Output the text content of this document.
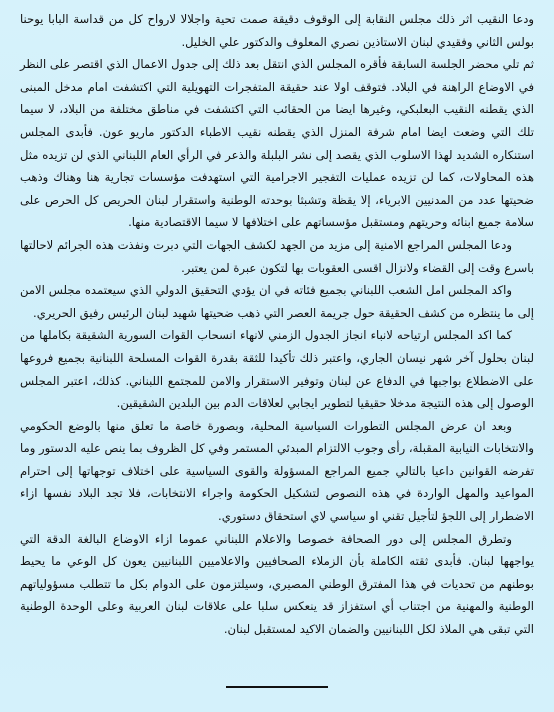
ودعا النقيب اثر ذلك مجلس النقابة إلى الوقوف دقيقة صمت تحية واجلالا لارواح كل من قداسة البابا يوحنا بولس الثاني وفقيدي لبنان الاستاذين نصري المعلوف والدكتور علي الخليل.

ثم تلي محضر الجلسة السابقة فأقره المجلس الذي انتقل بعد ذلك إلى جدول الاعمال الذي اقتصر على النظر في الاوضاع الراهنة في البلاد. فتوقف اولا عند حقيقة المتفجرات التهويلية التي اكتشفت امام مدخل المبنى الذي يقطنه النقيب البعلبكي، وغيرها ايضا من الحقائب التي اكتشفت في مناطق مختلفة من البلاد، لا سيما تلك التي وضعت ايضا امام شرفة المنزل الذي يقطنه نقيب الاطباء الدكتور ماريو عون. فأبدى المجلس استنكاره الشديد لهذا الاسلوب الذي يقصد إلى نشر البلبلة والذعر في الرأي العام اللبناني الذي لن تزيده مثل هذه المحاولات، كما لن تزيده عمليات التفجير الاجرامية التي استهدفت مؤسسات تجارية هنا وهناك وذهب ضحيتها عدد من المدنيين الابرياء، إلا يقظة وتشبثا بوحدته الوطنية واستقرار لبنان الحريص كل الحرص على سلامة جميع ابنائه وحريتهم ومستقبل مؤسساتهم على اختلافها لا سيما الاقتصادية منها.

ودعا المجلس المراجع الامنية إلى مزيد من الجهد لكشف الجهات التي دبرت ونفذت هذه الجرائم لاحالتها باسرع وقت إلى القضاء ولانزال اقسى العقوبات بها لتكون عبرة لمن يعتبر.

واكد المجلس امل الشعب اللبناني بجميع فئاته في ان يؤدي التحقيق الدولي الذي سيعتمده مجلس الامن إلى ما ينتظره من كشف الحقيقة حول جريمة العصر التي ذهب ضحيتها شهيد لبنان الرئيس رفيق الحريري.

كما اكد المجلس ارتياحه لانباء انجاز الجدول الزمني لانهاء انسحاب القوات السورية الشقيقة بكاملها من لبنان بحلول آخر شهر نيسان الجاري، واعتبر ذلك تأكيدا للثقة بقدرة القوات المسلحة اللبنانية بجميع فروعها على الاضطلاع بواجبها في الدفاع عن لبنان وتوفير الاستقرار والامن للمجتمع اللبناني. كذلك، اعتبر المجلس الوصول إلى هذه النتيجة مدخلا حقيقيا لتطوير ايجابي لعلاقات الدم بين البلدين الشقيقين.

وبعد ان عرض المجلس التطورات السياسية المحلية، وبصورة خاصة ما تعلق منها بالوضع الحكومي والانتخابات النيابية المقبلة، رأى وجوب الالتزام المبدئي المستمر وفي كل الظروف بما ينص عليه الدستور وما تفرضه القوانين داعيا بالتالي جميع المراجع المسؤولة والقوى السياسية على اختلاف توجهاتها إلى احترام المواعيد والمهل الواردة في هذه النصوص لتشكيل الحكومة واجراء الانتخابات، فلا تجد البلاد نفسها ازاء الاضطرار إلى اللجؤ لتأجيل تقني او سياسي لاي استحقاق دستوري.

وتطرق المجلس إلى دور الصحافة خصوصا والاعلام اللبناني عموما ازاء الاوضاع البالغة الدقة التي يواجهها لبنان. فأبدى ثقته الكاملة بأن الزملاء الصحافيين والاعلاميين اللبنانيين يعون كل الوعي ما يحيط بوطنهم من تحديات في هذا المفترق الوطني المصيري، وسيلتزمون على الدوام بكل ما تتطلب مسؤولياتهم الوطنية والمهنية من اجتناب أي استفزاز قد ينعكس سلبا على علاقات لبنان العربية وعلى الوحدة الوطنية التي تبقى هي الملاذ لكل اللبنانيين والضمان الاكيد لمستقبل لبنان.
